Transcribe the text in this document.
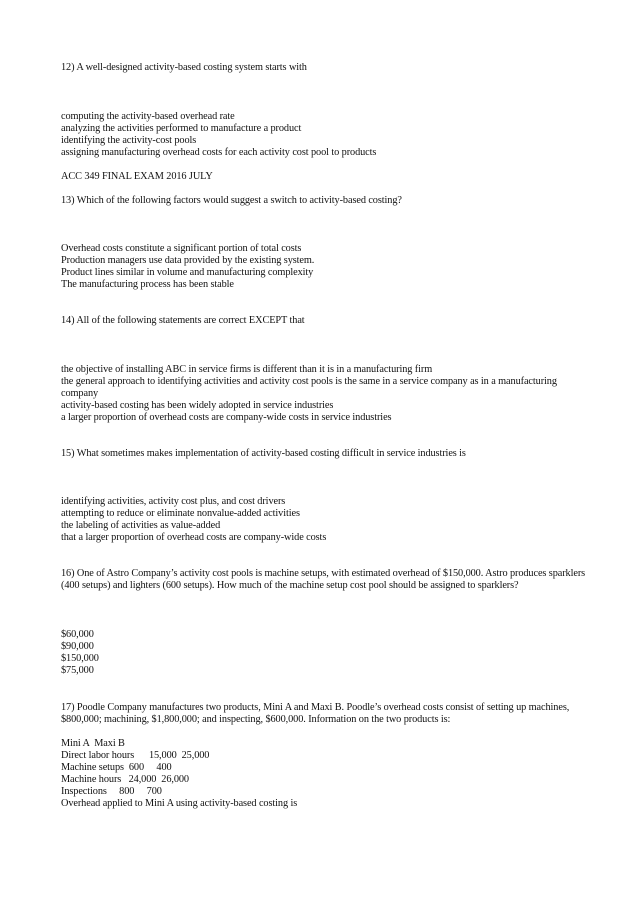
12) A well-designed activity-based costing system starts with
computing the activity-based overhead rate
analyzing the activities performed to manufacture a product
identifying the activity-cost pools
assigning manufacturing overhead costs for each activity cost pool to products
ACC 349 FINAL EXAM 2016 JULY
13) Which of the following factors would suggest a switch to activity-based costing?
Overhead costs constitute a significant portion of total costs
Production managers use data provided by the existing system.
Product lines similar in volume and manufacturing complexity
The manufacturing process has been stable
14) All of the following statements are correct EXCEPT that
the objective of installing ABC in service firms is different than it is in a manufacturing firm
the general approach to identifying activities and activity cost pools is the same in a service company as in a manufacturing company
activity-based costing has been widely adopted in service industries
a larger proportion of overhead costs are company-wide costs in service industries
15) What sometimes makes implementation of activity-based costing difficult in service industries is
identifying activities, activity cost plus, and cost drivers
attempting to reduce or eliminate nonvalue-added activities
the labeling of activities as value-added
that a larger proportion of overhead costs are company-wide costs
16) One of Astro Company’s activity cost pools is machine setups, with estimated overhead of $150,000. Astro produces sparklers (400 setups) and lighters (600 setups). How much of the machine setup cost pool should be assigned to sparklers?
$60,000
$90,000
$150,000
$75,000
17) Poodle Company manufactures two products, Mini A and Maxi B. Poodle’s overhead costs consist of setting up machines, $800,000; machining, $1,800,000; and inspecting, $600,000. Information on the two products is:
Mini A  Maxi B
Direct labor hours      15,000  25,000
Machine setups  600     400
Machine hours   24,000  26,000
Inspections     800     700
Overhead applied to Mini A using activity-based costing is
